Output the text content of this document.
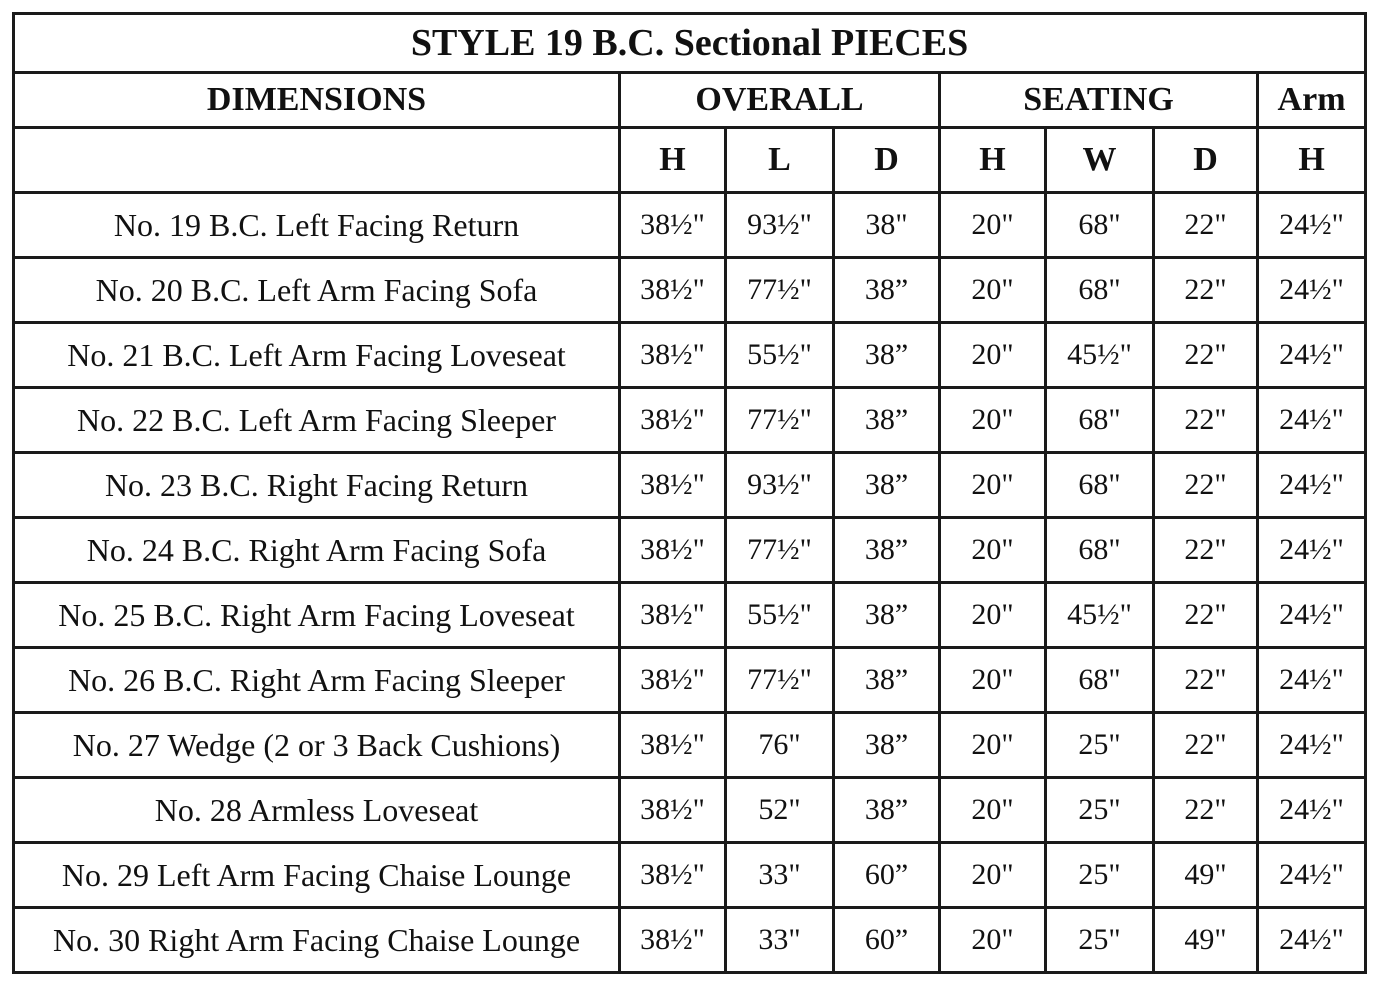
STYLE 19 B.C. Sectional PIECES							
DIMENSIONS	OVERALL			SEATING			Arm
	H	L	D	H	W	D	H
No. 19 B.C. Left Facing Return	38½"	93½"	38"	20"	68"	22"	24½"
No. 20 B.C. Left Arm Facing Sofa	38½"	77½"	38”	20"	68"	22"	24½"
No. 21 B.C. Left Arm Facing Loveseat	38½"	55½"	38”	20"	45½"	22"	24½"
No. 22 B.C. Left Arm Facing Sleeper	38½"	77½"	38”	20"	68"	22"	24½"
No. 23 B.C. Right Facing Return	38½"	93½"	38”	20"	68"	22"	24½"
No. 24 B.C. Right Arm Facing Sofa	38½"	77½"	38”	20"	68"	22"	24½"
No. 25 B.C. Right Arm Facing Loveseat	38½"	55½"	38”	20"	45½"	22"	24½"
No. 26 B.C. Right Arm Facing Sleeper	38½"	77½"	38”	20"	68"	22"	24½"
No. 27 Wedge (2 or 3 Back Cushions)	38½"	76"	38”	20"	25"	22"	24½"
No. 28 Armless Loveseat	38½"	52"	38”	20"	25"	22"	24½"
No. 29 Left Arm Facing Chaise Lounge	38½"	33"	60”	20"	25"	49"	24½"
No. 30 Right Arm Facing Chaise Lounge	38½"	33"	60”	20"	25"	49"	24½"
